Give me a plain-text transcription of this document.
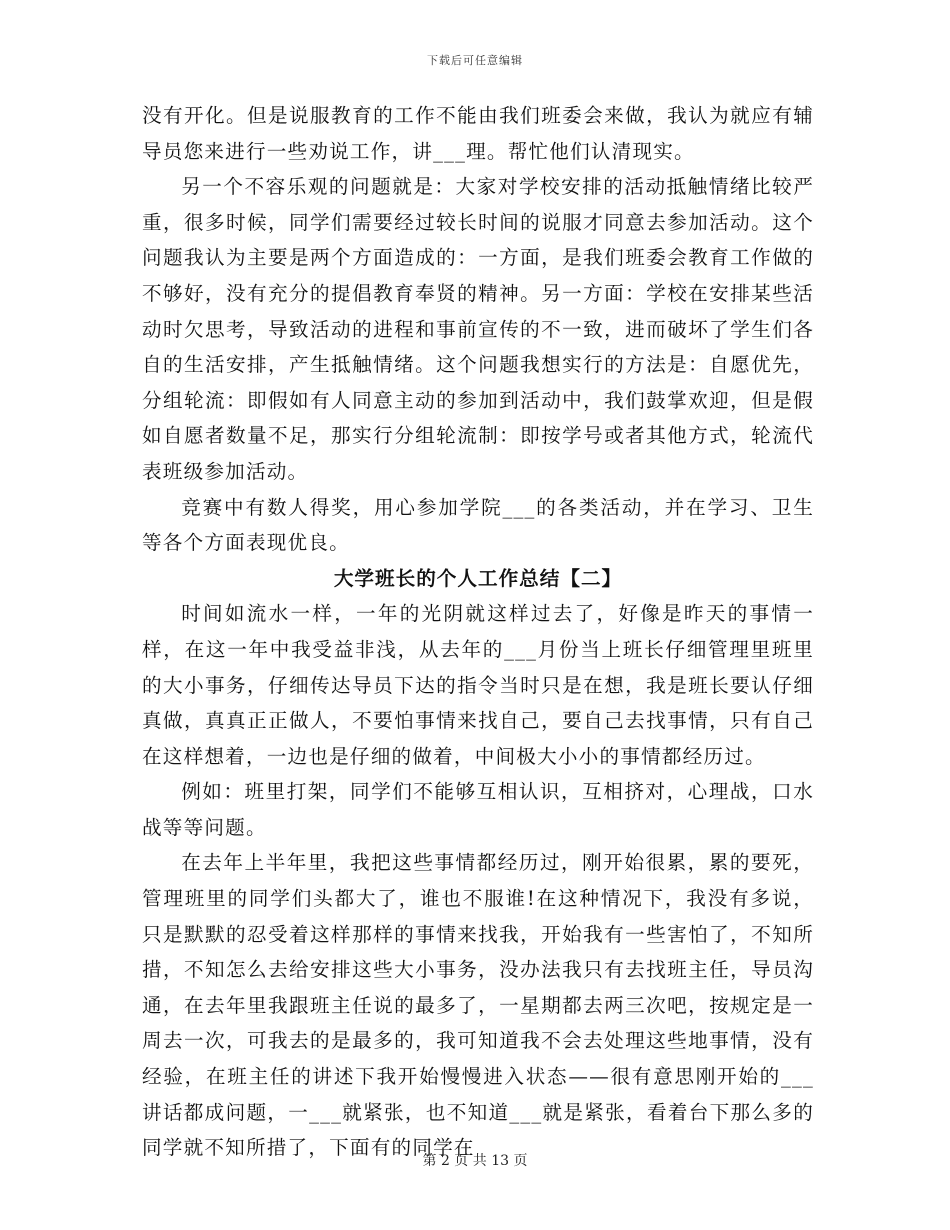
下载后可任意编辑

没有开化。但是说服教育的工作不能由我们班委会来做，我认为就应有辅导员您来进行一些劝说工作，讲___理。帮忙他们认清现实。

另一个不容乐观的问题就是：大家对学校安排的活动抵触情绪比较严重，很多时候，同学们需要经过较长时间的说服才同意去参加活动。这个问题我认为主要是两个方面造成的：一方面，是我们班委会教育工作做的不够好，没有充分的提倡教育奉贤的精神。另一方面：学校在安排某些活动时欠思考，导致活动的进程和事前宣传的不一致，进而破坏了学生们各自的生活安排，产生抵触情绪。这个问题我想实行的方法是：自愿优先，分组轮流：即假如有人同意主动的参加到活动中，我们鼓掌欢迎，但是假如自愿者数量不足，那实行分组轮流制：即按学号或者其他方式，轮流代表班级参加活动。

竞赛中有数人得奖，用心参加学院___的各类活动，并在学习、卫生等各个方面表现优良。

大学班长的个人工作总结【二】

时间如流水一样，一年的光阴就这样过去了，好像是昨天的事情一样，在这一年中我受益非浅，从去年的___月份当上班长仔细管理里班里的大小事务，仔细传达导员下达的指令当时只是在想，我是班长要认仔细真做，真真正正做人，不要怕事情来找自己，要自己去找事情，只有自己在这样想着，一边也是仔细的做着，中间极大小小的事情都经历过。

例如：班里打架，同学们不能够互相认识，互相挤对，心理战，口水战等等问题。

在去年上半年里，我把这些事情都经历过，刚开始很累，累的要死，管理班里的同学们头都大了，谁也不服谁!在这种情况下，我没有多说，只是默默的忍受着这样那样的事情来找我，开始我有一些害怕了，不知所措，不知怎么去给安排这些大小事务，没办法我只有去找班主任，导员沟通，在去年里我跟班主任说的最多了，一星期都去两三次吧，按规定是一周去一次，可我去的是最多的，我可知道我不会去处理这些地事情，没有经验，在班主任的讲述下我开始慢慢进入状态——很有意思刚开始的___讲话都成问题，一___就紧张，也不知道___就是紧张，看着台下那么多的同学就不知所措了，下面有的同学在

第 2 页 共 13 页
